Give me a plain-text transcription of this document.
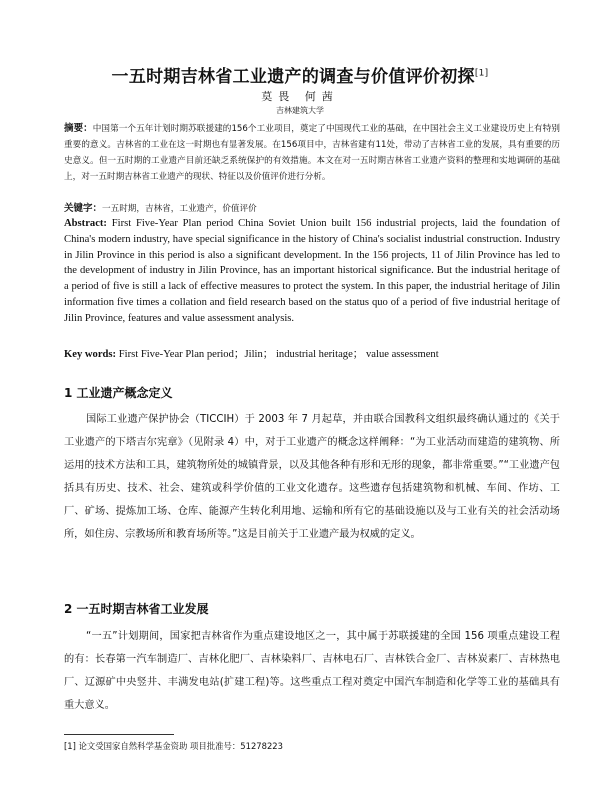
一五时期吉林省工业遗产的调查与价值评价初探[1]
莫畏 何茜
吉林建筑大学
摘要：中国第一个五年计划时期苏联援建的156个工业项目，奠定了中国现代工业的基础，在中国社会主义工业建设历史上有特别重要的意义。吉林省的工业在这一时期也有显著发展。在156项目中，吉林省建有11处，带动了吉林省工业的发展，具有重要的历史意义。但一五时期的工业遗产目前还缺乏系统保护的有效措施。本文在对一五时期吉林省工业遗产资料的整理和实地调研的基础上，对一五时期吉林省工业遗产的现状、特征以及价值评价进行分析。
关键字：一五时期，吉林省，工业遗产，价值评价
Abstract: First Five-Year Plan period China Soviet Union built 156 industrial projects, laid the foundation of China's modern industry, have special significance in the history of China's socialist industrial construction. Industry in Jilin Province in this period is also a significant development. In the 156 projects, 11 of Jilin Province has led to the development of industry in Jilin Province, has an important historical significance. But the industrial heritage of a period of five is still a lack of effective measures to protect the system. In this paper, the industrial heritage of Jilin information five times a collation and field research based on the status quo of a period of five industrial heritage of Jilin Province, features and value assessment analysis.
Key words: First Five-Year Plan period；Jilin； industrial heritage； value assessment
1 工业遗产概念定义
国际工业遗产保护协会（TICCIH）于 2003 年 7 月起草，并由联合国教科文组织最终确认通过的《关于工业遗产的下塔吉尔宪章》（见附录 4）中，对于工业遗产的概念这样阐释：“为工业活动而建造的建筑物、所运用的技术方法和工具，建筑物所处的城镇背景，以及其他各种有形和无形的现象，都非常重要。”“工业遗产包括具有历史、技术、社会、建筑或科学价值的工业文化遗存。这些遗存包括建筑物和机械、车间、作坊、工厂、矿场、提炼加工场、仓库、能源产生转化利用地、运输和所有它的基础设施以及与工业有关的社会活动场所，如住房、宗教场所和教育场所等。”这是目前关于工业遗产最为权威的定义。
2 一五时期吉林省工业发展
“一五”计划期间，国家把吉林省作为重点建设地区之一，其中属于苏联援建的全国 156 项重点建设工程的有：长春第一汽车制造厂、吉林化肥厂、吉林染料厂、吉林电石厂、吉林铁合金厂、吉林炭素厂、吉林热电厂、辽源矿中央竖井、丰满发电站(扩建工程)等。这些重点工程对奠定中国汽车制造和化学等工业的基础具有重大意义。
[1] 论文受国家自然科学基金资助 项目批准号：51278223
